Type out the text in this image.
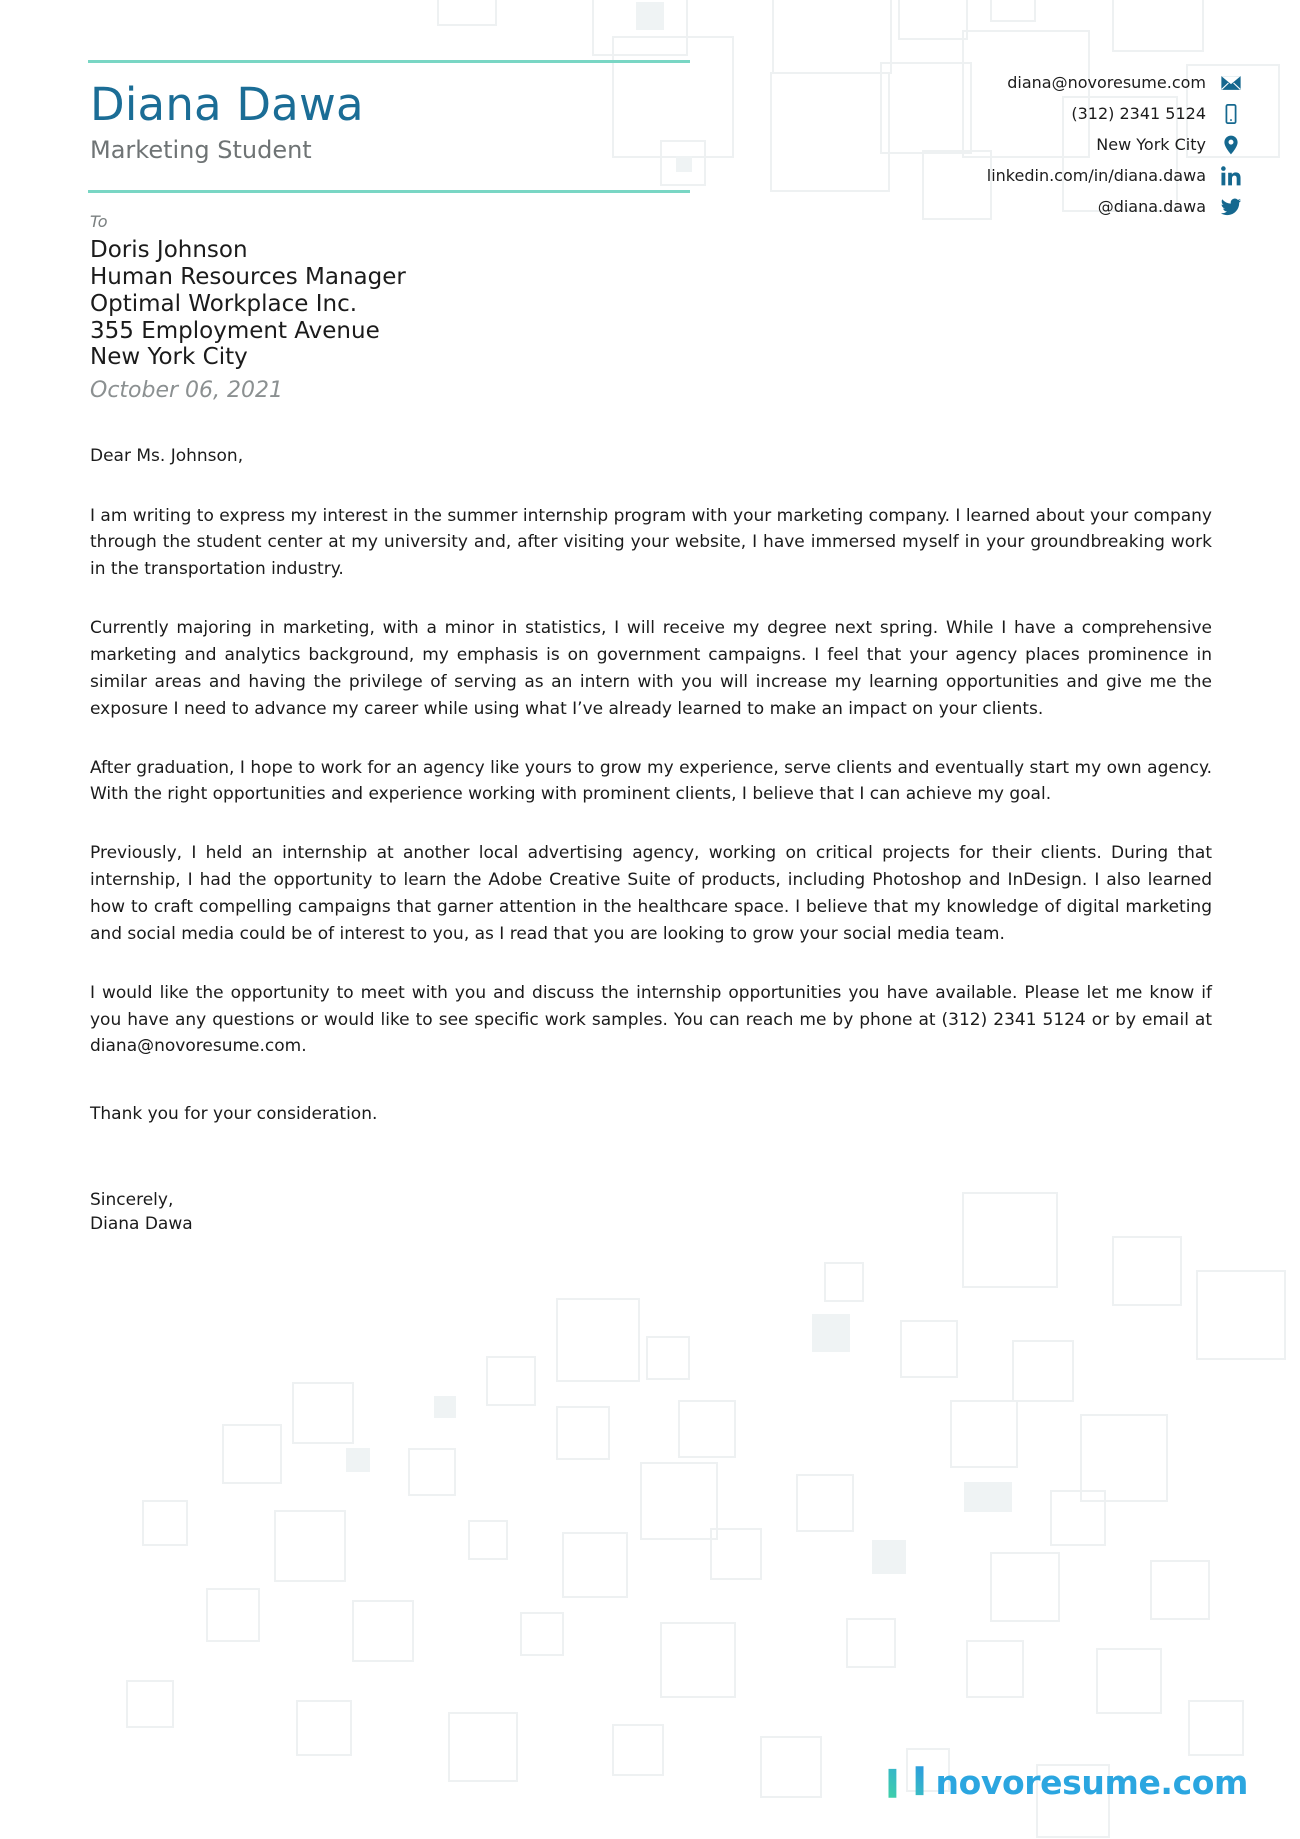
Diana Dawa
Marketing Student
diana@novoresume.com
(312) 2341 5124
New York City
linkedin.com/in/diana.dawa
@diana.dawa
To
Doris Johnson
Human Resources Manager
Optimal Workplace Inc.
355 Employment Avenue
New York City
October 06, 2021
Dear Ms. Johnson,

I am writing to express my interest in the summer internship program with your marketing company. I learned about your company through the student center at my university and, after visiting your website, I have immersed myself in your groundbreaking work in the transportation industry.

Currently majoring in marketing, with a minor in statistics, I will receive my degree next spring. While I have a comprehensive marketing and analytics background, my emphasis is on government campaigns. I feel that your agency places prominence in similar areas and having the privilege of serving as an intern with you will increase my learning opportunities and give me the exposure I need to advance my career while using what I’ve already learned to make an impact on your clients.

After graduation, I hope to work for an agency like yours to grow my experience, serve clients and eventually start my own agency. With the right opportunities and experience working with prominent clients, I believe that I can achieve my goal.

Previously, I held an internship at another local advertising agency, working on critical projects for their clients. During that internship, I had the opportunity to learn the Adobe Creative Suite of products, including Photoshop and InDesign. I also learned how to craft compelling campaigns that garner attention in the healthcare space. I believe that my knowledge of digital marketing and social media could be of interest to you, as I read that you are looking to grow your social media team.

I would like the opportunity to meet with you and discuss the internship opportunities you have available. Please let me know if you have any questions or would like to see specific work samples. You can reach me by phone at (312) 2341 5124 or by email at diana@novoresume.com.

Thank you for your consideration.
Sincerely,
Diana Dawa
novoresume.com
